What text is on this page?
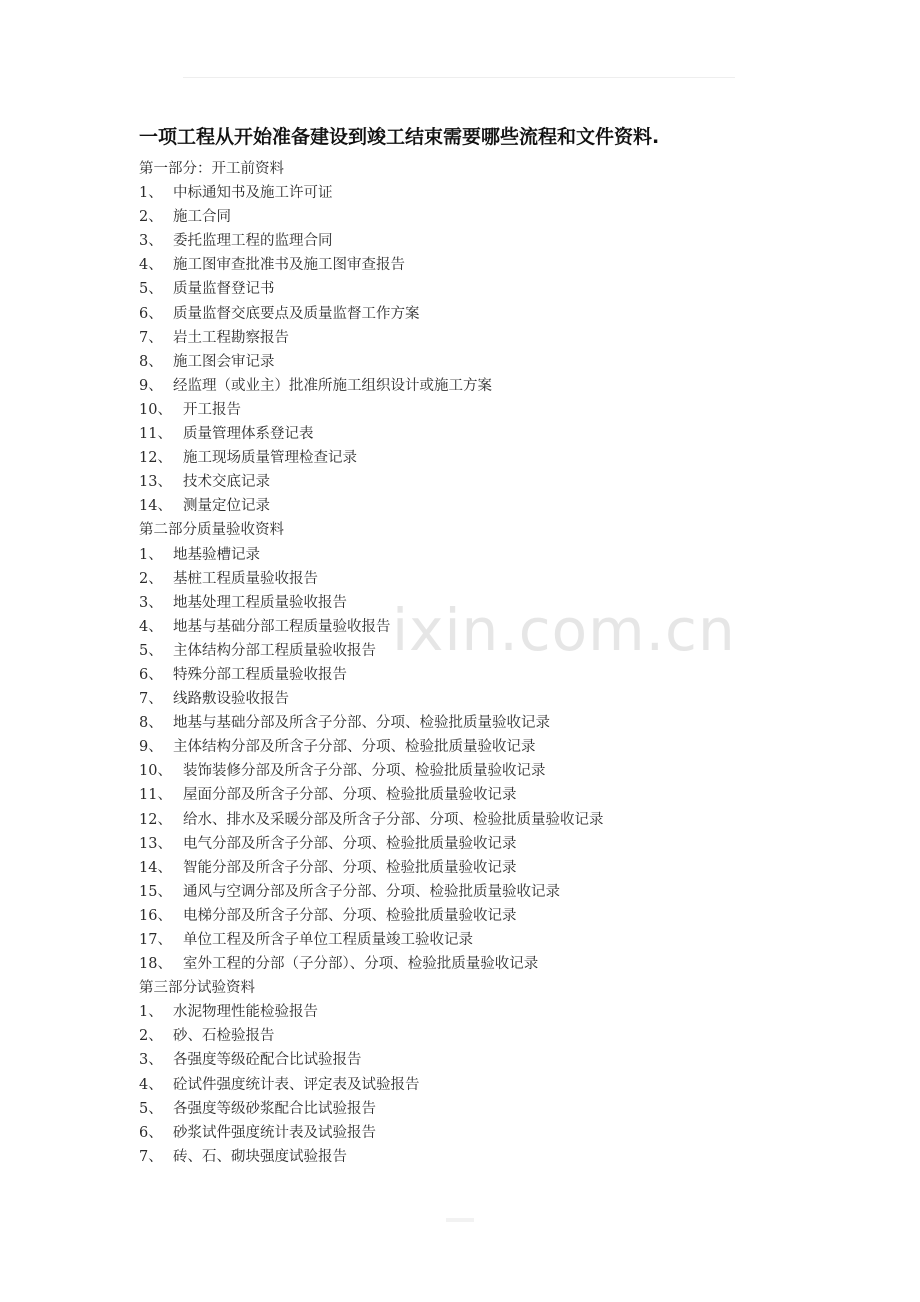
一项工程从开始准备建设到竣工结束需要哪些流程和文件资料.
第一部分：开工前资料
1、 中标通知书及施工许可证
2、 施工合同
3、 委托监理工程的监理合同
4、 施工图审查批准书及施工图审查报告
5、 质量监督登记书
6、 质量监督交底要点及质量监督工作方案
7、 岩土工程勘察报告
8、 施工图会审记录
9、 经监理（或业主）批准所施工组织设计或施工方案
10、 开工报告
11、 质量管理体系登记表
12、 施工现场质量管理检查记录
13、 技术交底记录
14、 测量定位记录
第二部分质量验收资料
1、 地基验槽记录
2、 基桩工程质量验收报告
3、 地基处理工程质量验收报告
4、 地基与基础分部工程质量验收报告
5、 主体结构分部工程质量验收报告
6、 特殊分部工程质量验收报告
7、 线路敷设验收报告
8、 地基与基础分部及所含子分部、分项、检验批质量验收记录
9、 主体结构分部及所含子分部、分项、检验批质量验收记录
10、 装饰装修分部及所含子分部、分项、检验批质量验收记录
11、 屋面分部及所含子分部、分项、检验批质量验收记录
12、 给水、排水及采暖分部及所含子分部、分项、检验批质量验收记录
13、 电气分部及所含子分部、分项、检验批质量验收记录
14、 智能分部及所含子分部、分项、检验批质量验收记录
15、 通风与空调分部及所含子分部、分项、检验批质量验收记录
16、 电梯分部及所含子分部、分项、检验批质量验收记录
17、 单位工程及所含子单位工程质量竣工验收记录
18、 室外工程的分部（子分部）、分项、检验批质量验收记录
第三部分试验资料
1、 水泥物理性能检验报告
2、 砂、石检验报告
3、 各强度等级砼配合比试验报告
4、 砼试件强度统计表、评定表及试验报告
5、 各强度等级砂浆配合比试验报告
6、 砂浆试件强度统计表及试验报告
7、 砖、石、砌块强度试验报告
ixin.com.cn
